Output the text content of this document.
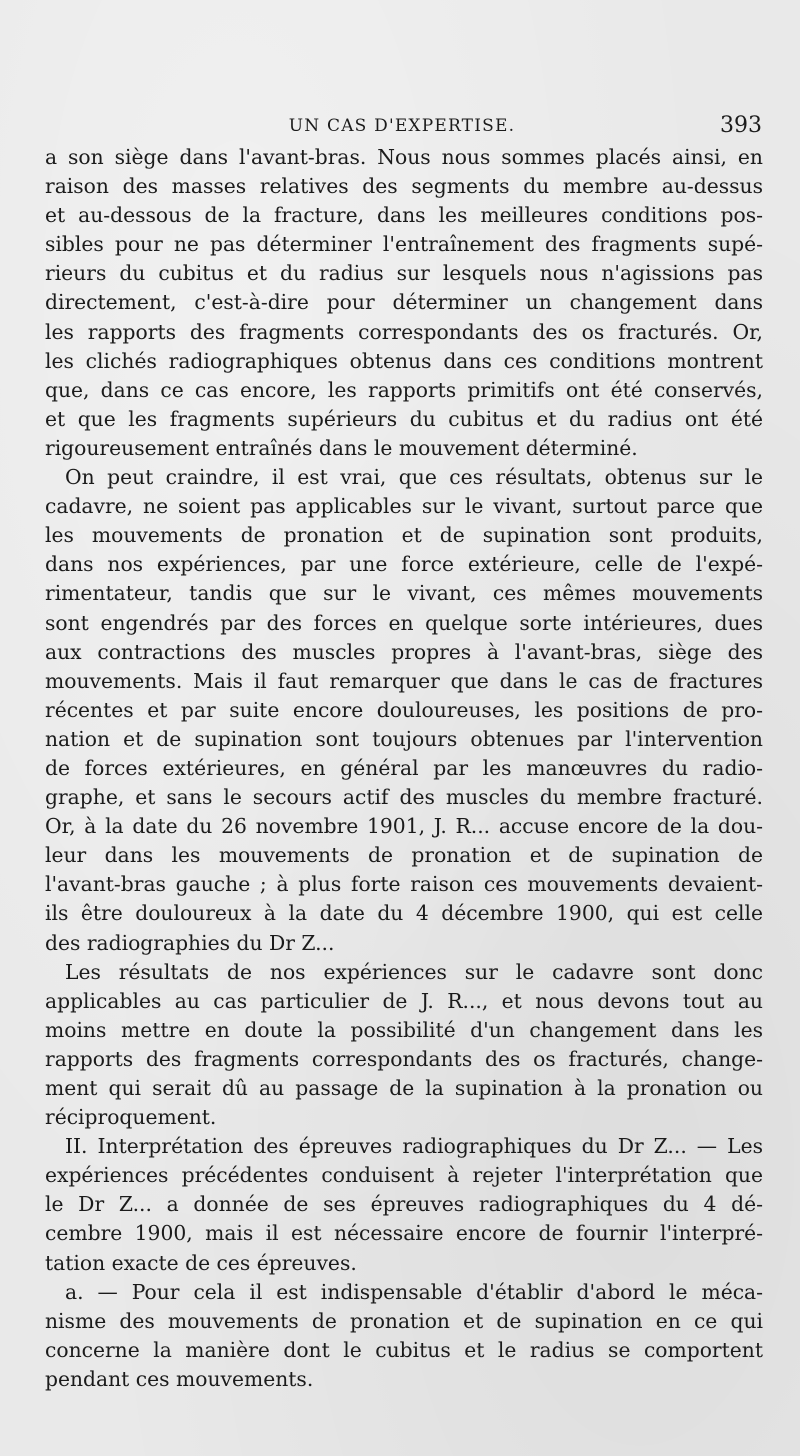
UN CAS D'EXPERTISE.	393
a son siège dans l'avant-bras. Nous nous sommes placés ainsi, en
raison des masses relatives des segments du membre au-dessus
et au-dessous de la fracture, dans les meilleures conditions pos-
sibles pour ne pas déterminer l'entraînement des fragments supé-
rieurs du cubitus et du radius sur lesquels nous n'agissions pas
directement, c'est-à-dire pour déterminer un changement dans
les rapports des fragments correspondants des os fracturés. Or,
les clichés radiographiques obtenus dans ces conditions montrent
que, dans ce cas encore, les rapports primitifs ont été conservés,
et que les fragments supérieurs du cubitus et du radius ont été
rigoureusement entraînés dans le mouvement déterminé.
On peut craindre, il est vrai, que ces résultats, obtenus sur le
cadavre, ne soient pas applicables sur le vivant, surtout parce que
les mouvements de pronation et de supination sont produits,
dans nos expériences, par une force extérieure, celle de l'expé-
rimentateur, tandis que sur le vivant, ces mêmes mouvements
sont engendrés par des forces en quelque sorte intérieures, dues
aux contractions des muscles propres à l'avant-bras, siège des
mouvements. Mais il faut remarquer que dans le cas de fractures
récentes et par suite encore douloureuses, les positions de pro-
nation et de supination sont toujours obtenues par l'intervention
de forces extérieures, en général par les manœuvres du radio-
graphe, et sans le secours actif des muscles du membre fracturé.
Or, à la date du 26 novembre 1901, J. R... accuse encore de la dou-
leur dans les mouvements de pronation et de supination de
l'avant-bras gauche ; à plus forte raison ces mouvements devaient-
ils être douloureux à la date du 4 décembre 1900, qui est celle
des radiographies du Dr Z...
Les résultats de nos expériences sur le cadavre sont donc
applicables au cas particulier de J. R..., et nous devons tout au
moins mettre en doute la possibilité d'un changement dans les
rapports des fragments correspondants des os fracturés, change-
ment qui serait dû au passage de la supination à la pronation ou
réciproquement.
II. Interprétation des épreuves radiographiques du Dr Z... — Les
expériences précédentes conduisent à rejeter l'interprétation que
le Dr Z... a donnée de ses épreuves radiographiques du 4 dé-
cembre 1900, mais il est nécessaire encore de fournir l'interpré-
tation exacte de ces épreuves.
a. — Pour cela il est indispensable d'établir d'abord le méca-
nisme des mouvements de pronation et de supination en ce qui
concerne la manière dont le cubitus et le radius se comportent
pendant ces mouvements.
